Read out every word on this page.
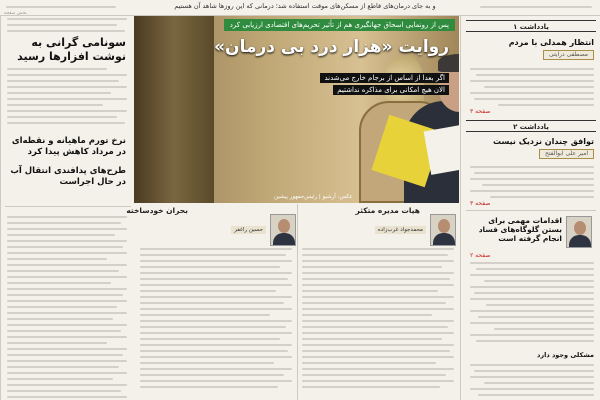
و به جای درمان‌های قاطع از مسکن‌های موقت استفاده شد؛ درمانی که این روزها شاهد آن هستیم
بخش صفحه
پس از رونمایی اسحاق جهانگیری هم از تأثیر تحریم‌های اقتصادی ارزیابی کرد
روایت «هزار درد بی درمان»
اگر بعدا از اساس از برجام خارج می‌شدند
الان هیچ امکانی برای مذاکره نداشتیم
عکس: آرشیو | رئیس‌جمهور پیشین
یادداشت ۱
انتظار همدلی با مردم
مصطفی درایتی
صفحه ۳
یادداشت ۲
توافق چندان نزدیک نیست
امیر علی ابوالفتح
صفحه ۳
اقدامات مهمی برای بستن گلوگاه‌های فساد انجام گرفته است
صفحه ۲
مشکلی وجود دارد
سونامی گرانی به
نوشت افزارها رسید
نرخ تورم ماهیانه و نقطه‌ای
در مرداد کاهش پیدا کرد
طرح‌های پدافندی انتقال آب
در حال اجراست
بحران خودساخته
حسین راغفر
هیات مدیره متکثر
محمدجواد غرب‌زاده
